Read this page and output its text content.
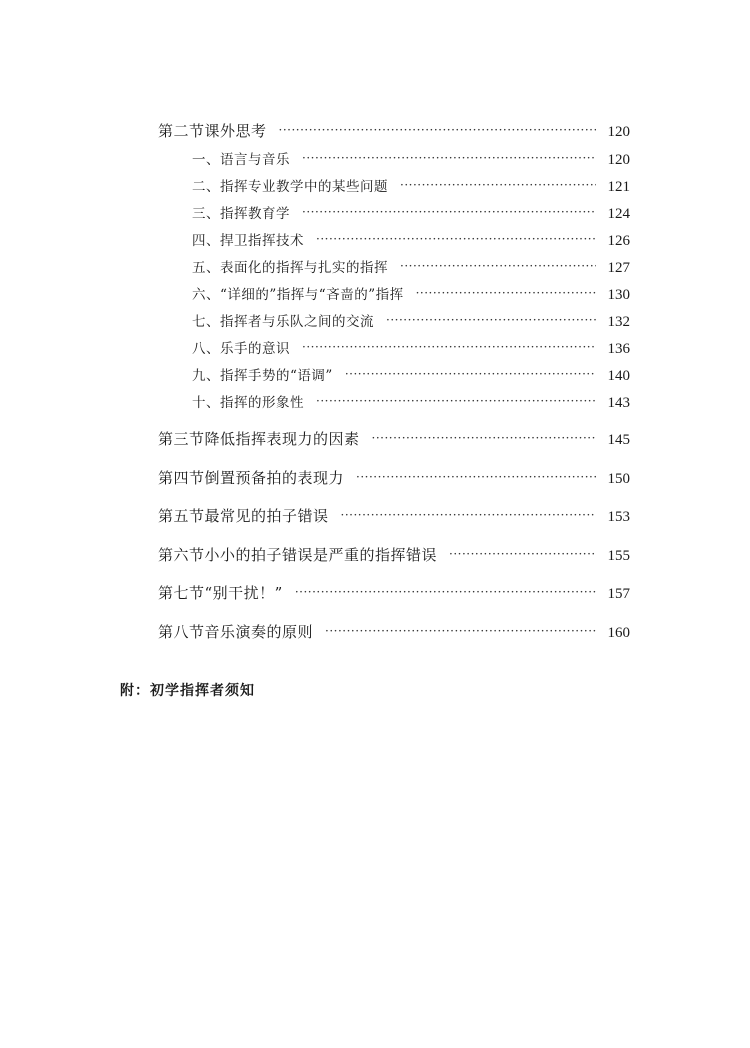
第二节 课外思考 ·····	120
一、语言与音乐 ·····	120
二、指挥专业教学中的某些问题 ·····	121
三、指挥教育学 ·····	124
四、捍卫指挥技术 ·····	126
五、表面化的指挥与扎实的指挥 ·····	127
六、“详细的”指挥与“吝啬的”指挥 ·····	130
七、指挥者与乐队之间的交流 ·····	132
八、乐手的意识 ·····	136
九、指挥手势的“语调” ·····	140
十、指挥的形象性 ·····	143
第三节 降低指挥表现力的因素 ·····	145
第四节 倒置预备拍的表现力 ·····	150
第五节 最常见的拍子错误 ·····	153
第六节 小小的拍子错误是严重的指挥错误 ·····	155
第七节 “别干扰！” ·····	157
第八节 音乐演奏的原则 ·····	160
附：初学指挥者须知
